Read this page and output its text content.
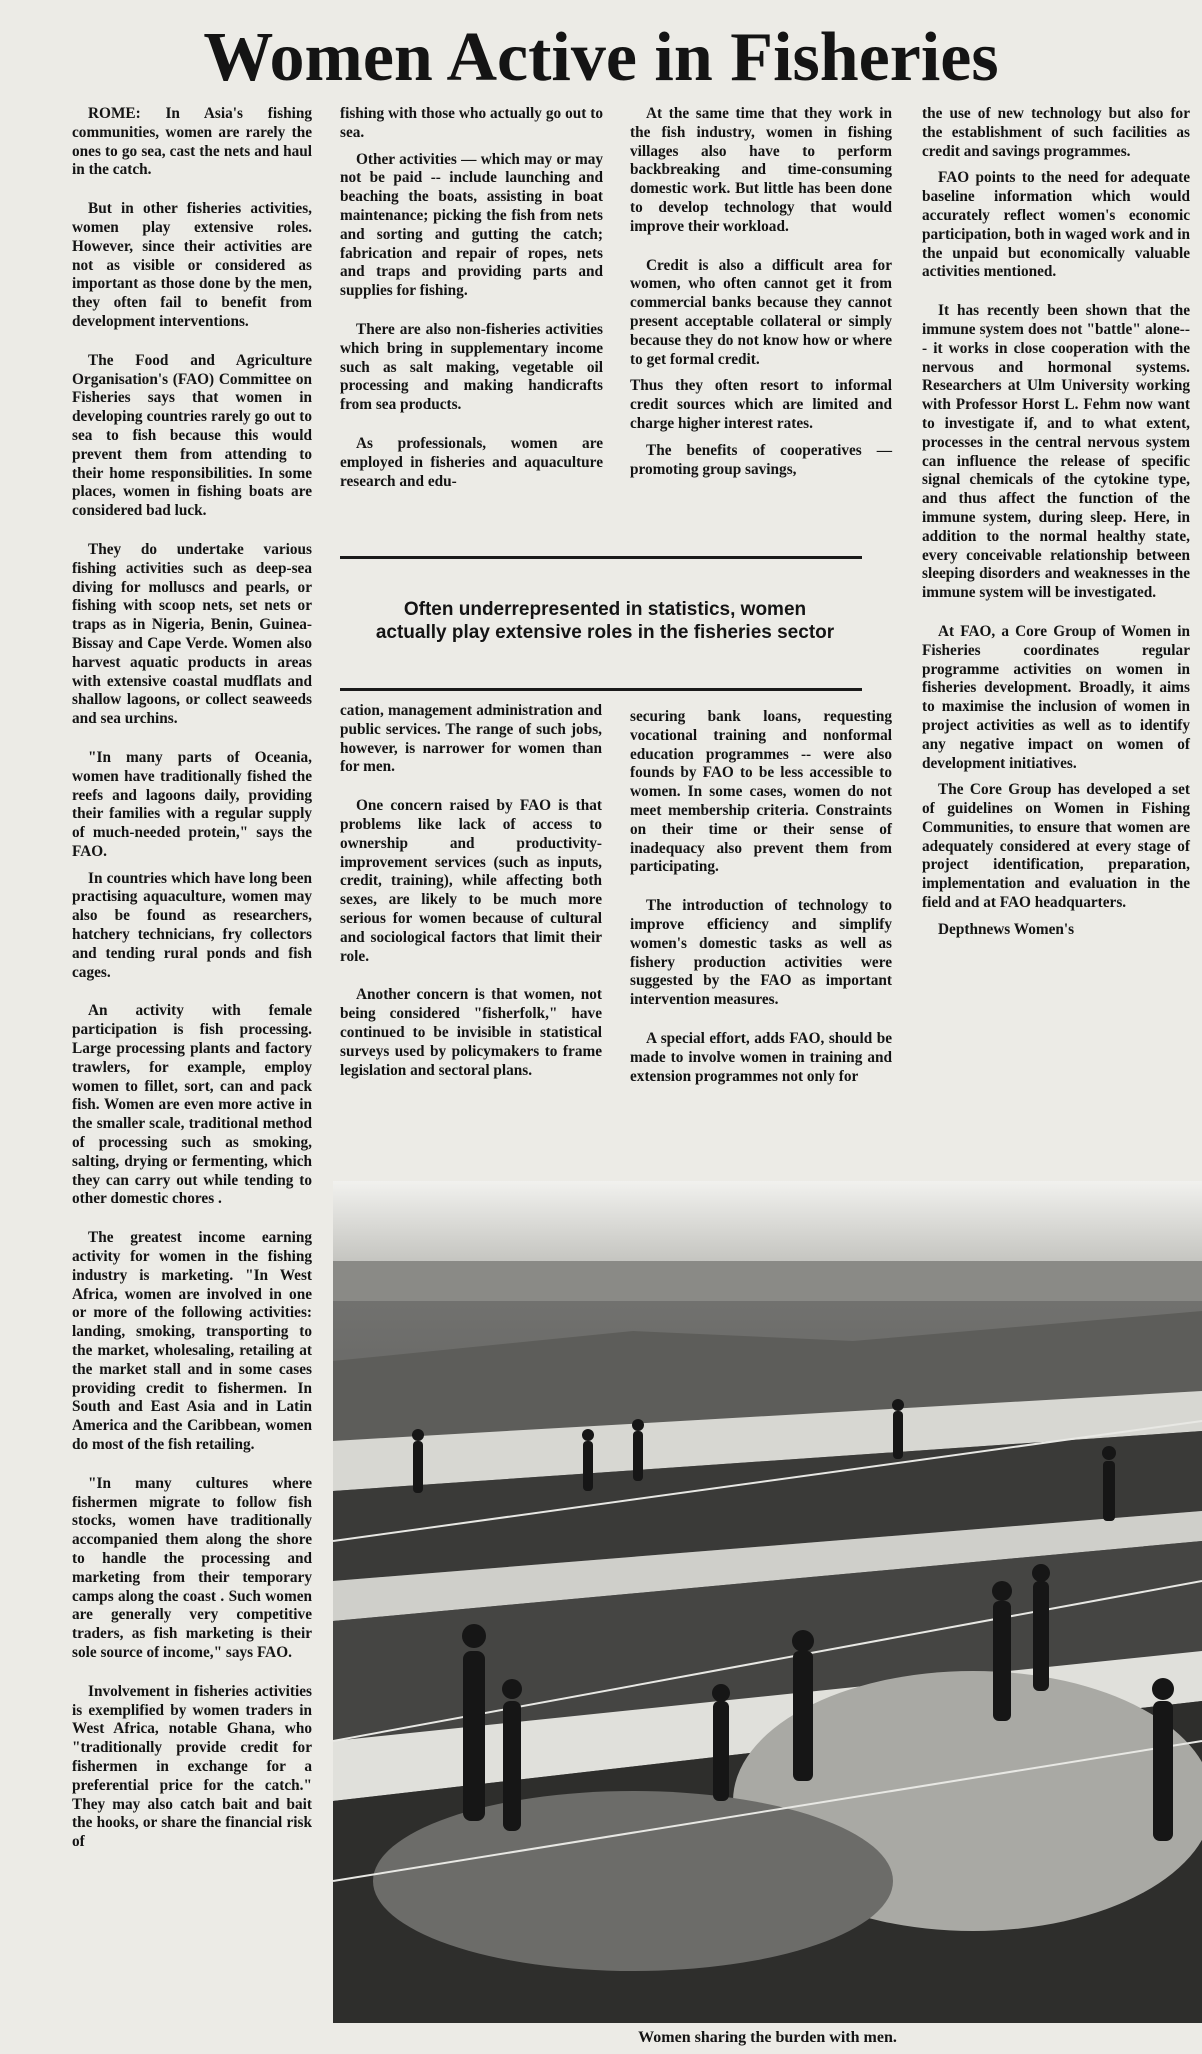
Women Active in Fisheries

ROME: In Asia's fishing communities, women are rarely the ones to go sea, cast the nets and haul in the catch.

But in other fisheries activities, women play extensive roles. However, since their activities are not as visible or considered as important as those done by the men, they often fail to benefit from development interventions.

The Food and Agriculture Organisation's (FAO) Committee on Fisheries says that women in developing countries rarely go out to sea to fish because this would prevent them from attending to their home responsibilities. In some places, women in fishing boats are considered bad luck.

They do undertake various fishing activities such as deep-sea diving for molluscs and pearls, or fishing with scoop nets, set nets or traps as in Nigeria, Benin, Guinea-Bissay and Cape Verde. Women also harvest aquatic products in areas with extensive coastal mudflats and shallow lagoons, or collect seaweeds and sea urchins.

"In many parts of Oceania, women have traditionally fished the reefs and lagoons daily, providing their families with a regular supply of much-needed protein," says the FAO.

In countries which have long been practising aquaculture, women may also be found as researchers, hatchery technicians, fry collectors and tending rural ponds and fish cages.

An activity with female participation is fish processing. Large processing plants and factory trawlers, for example, employ women to fillet, sort, can and pack fish. Women are even more active in the smaller scale, traditional method of processing such as smoking, salting, drying or fermenting, which they can carry out while tending to other domestic chores .

The greatest income earning activity for women in the fishing industry is marketing. "In West Africa, women are involved in one or more of the following activities: landing, smoking, transporting to the market, wholesaling, retailing at the market stall and in some cases providing credit to fishermen. In South and East Asia and in Latin America and the Caribbean, women do most of the fish retailing.

"In many cultures where fishermen migrate to follow fish stocks, women have traditionally accompanied them along the shore to handle the processing and marketing from their temporary camps along the coast . Such women are generally very competitive traders, as fish marketing is their sole source of income," says FAO.

Involvement in fisheries activities is exemplified by women traders in West Africa, notable Ghana, who "traditionally provide credit for fishermen in exchange for a preferential price for the catch." They may also catch bait and bait the hooks, or share the financial risk of

fishing with those who actually go out to sea.

Other activities — which may or may not be paid -- include launching and beaching the boats, assisting in boat maintenance; picking the fish from nets and sorting and gutting the catch; fabrication and repair of ropes, nets and traps and providing parts and supplies for fishing.

There are also non-fisheries activities which bring in supplementary income such as salt making, vegetable oil processing and making handicrafts from sea products.

As professionals, women are employed in fisheries and aquaculture research and edu-

At the same time that they work in the fish industry, women in fishing villages also have to perform backbreaking and time-consuming domestic work. But little has been done to develop technology that would improve their workload.

Credit is also a difficult area for women, who often cannot get it from commercial banks because they cannot present acceptable collateral or simply because they do not know how or where to get formal credit.

Thus they often resort to informal credit sources which are limited and charge higher interest rates.

The benefits of cooperatives — promoting group savings,

Often underrepresented in statistics, women
actually play extensive roles in the fisheries sector

cation, management administration and public services. The range of such jobs, however, is narrower for women than for men.

One concern raised by FAO is that problems like lack of access to ownership and productivity-improvement services (such as inputs, credit, training), while affecting both sexes, are likely to be much more serious for women because of cultural and sociological factors that limit their role.

Another concern is that women, not being considered "fisherfolk," have continued to be invisible in statistical surveys used by policymakers to frame legislation and sectoral plans.

securing bank loans, requesting vocational training and nonformal education programmes -- were also founds by FAO to be less accessible to women. In some cases, women do not meet membership criteria. Constraints on their time or their sense of inadequacy also prevent them from participating.

The introduction of technology to improve efficiency and simplify women's domestic tasks as well as fishery production activities were suggested by the FAO as important intervention measures.

A special effort, adds FAO, should be made to involve women in training and extension programmes not only for

the use of new technology but also for the establishment of such facilities as credit and savings programmes.

FAO points to the need for adequate baseline information which would accurately reflect women's economic participation, both in waged work and in the unpaid but economically valuable activities mentioned.

It has recently been shown that the immune system does not "battle" alone--- it works in close cooperation with the nervous and hormonal systems. Researchers at Ulm University working with Professor Horst L. Fehm now want to investigate if, and to what extent, processes in the central nervous system can influence the release of specific signal chemicals of the cytokine type, and thus affect the function of the immune system, during sleep. Here, in addition to the normal healthy state, every conceivable relationship between sleeping disorders and weaknesses in the immune system will be investigated.

At FAO, a Core Group of Women in Fisheries coordinates regular programme activities on women in fisheries development. Broadly, it aims to maximise the inclusion of women in project activities as well as to identify any negative impact on women of development initiatives.

The Core Group has developed a set of guidelines on Women in Fishing Communities, to ensure that women are adequately considered at every stage of project identification, preparation, implementation and evaluation in the field and at FAO headquarters.

Depthnews Women's

Women sharing the burden with men.
